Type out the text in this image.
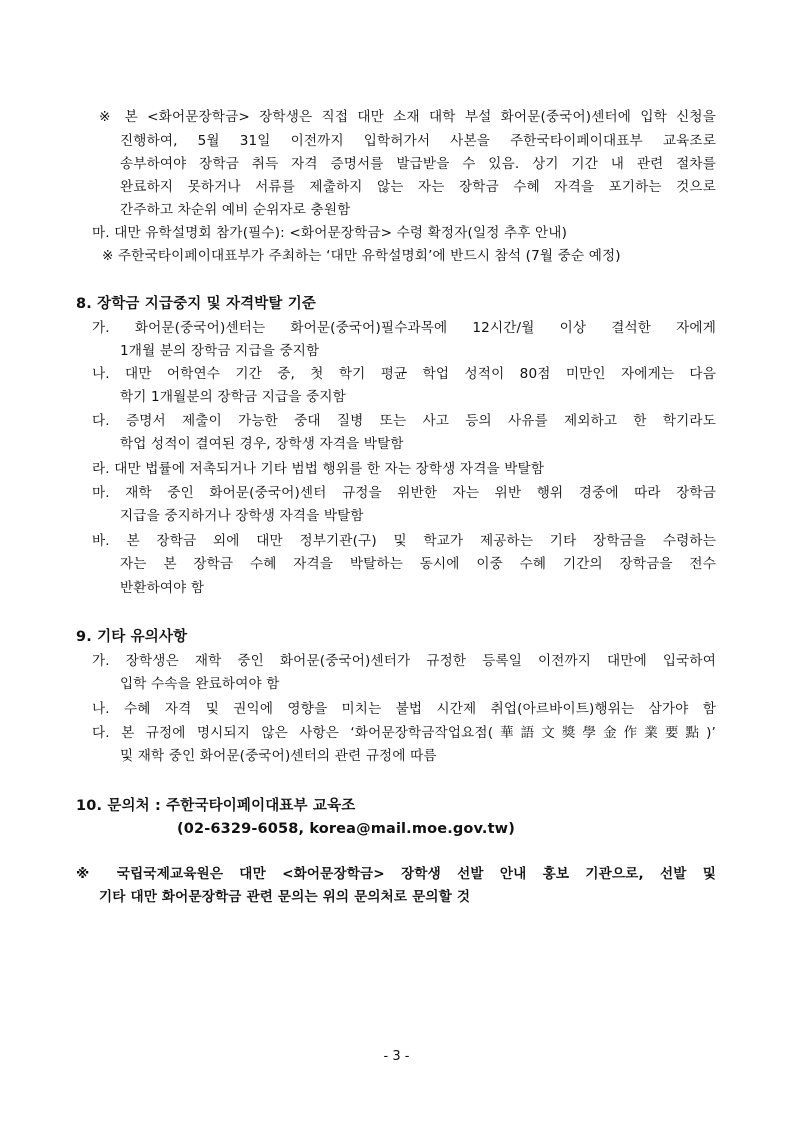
※ 본 <화어문장학금> 장학생은 직접 대만 소재 대학 부설 화어문(중국어)센터에 입학 신청을

진행하여, 5월 31일 이전까지 입학허가서 사본을 주한국타이페이대표부 교육조로

송부하여야 장학금 취득 자격 증명서를 발급받을 수 있음. 상기 기간 내 관련 절차를

완료하지 못하거나 서류를 제출하지 않는 자는 장학금 수혜 자격을 포기하는 것으로

간주하고 차순위 예비 순위자로 충원함

마. 대만 유학설명회 참가(필수): <화어문장학금> 수령 확정자(일정 추후 안내)

※ 주한국타이페이대표부가 주최하는 ‘대만 유학설명회’에 반드시 참석 (7월 중순 예정)

8. 장학금 지급중지 및 자격박탈 기준

가. 화어문(중국어)센터는 화어문(중국어)필수과목에 12시간/월 이상 결석한 자에게

1개월 분의 장학금 지급을 중지함

나. 대만 어학연수 기간 중, 첫 학기 평균 학업 성적이 80점 미만인 자에게는 다음

학기 1개월분의 장학금 지급을 중지함

다. 증명서 제출이 가능한 중대 질병 또는 사고 등의 사유를 제외하고 한 학기라도

학업 성적이 결여된 경우, 장학생 자격을 박탈함

라. 대만 법률에 저촉되거나 기타 범법 행위를 한 자는 장학생 자격을 박탈함

마. 재학 중인 화어문(중국어)센터 규정을 위반한 자는 위반 행위 경중에 따라 장학금

지급을 중지하거나 장학생 자격을 박탈함

바. 본 장학금 외에 대만 정부기관(구) 및 학교가 제공하는 기타 장학금을 수령하는

자는 본 장학금 수혜 자격을 박탈하는 동시에 이중 수혜 기간의 장학금을 전수

반환하여야 함

9. 기타 유의사항

가. 장학생은 재학 중인 화어문(중국어)센터가 규정한 등록일 이전까지 대만에 입국하여

입학 수속을 완료하여야 함

나. 수혜 자격 및 권익에 영향을 미치는 불법 시간제 취업(아르바이트)행위는 삼가야 함

다. 본 규정에 명시되지 않은 사항은 ‘화어문장학금작업요점(華語文獎學金作業要點)’

및 재학 중인 화어문(중국어)센터의 관련 규정에 따름

10. 문의처 : 주한국타이페이대표부 교육조

(02-6329-6058, korea@mail.moe.gov.tw)

※ 국립국제교육원은 대만 <화어문장학금> 장학생 선발 안내 홍보 기관으로, 선발 및

기타 대만 화어문장학금 관련 문의는 위의 문의처로 문의할 것

- 3 -
